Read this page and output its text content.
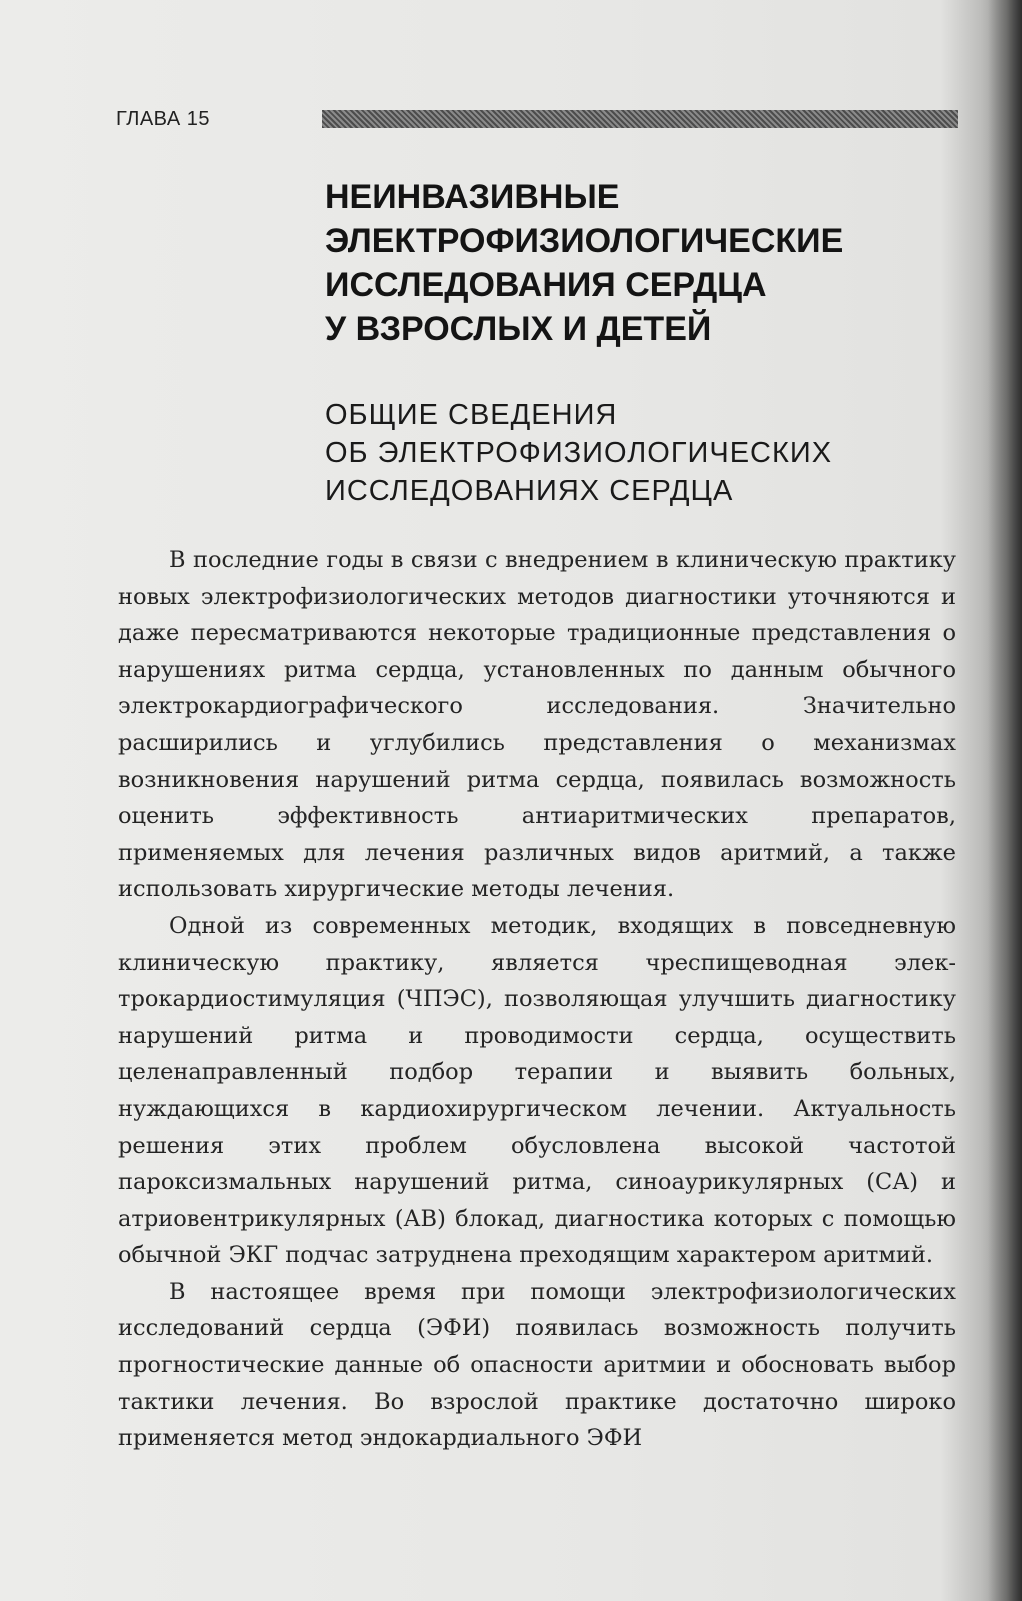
ГЛАВА 15
НЕИНВАЗИВНЫЕ
ЭЛЕКТРОФИЗИОЛОГИЧЕСКИЕ
ИССЛЕДОВАНИЯ СЕРДЦА
У ВЗРОСЛЫХ И ДЕТЕЙ
ОБЩИЕ СВЕДЕНИЯ
ОБ ЭЛЕКТРОФИЗИОЛОГИЧЕСКИХ
ИССЛЕДОВАНИЯХ СЕРДЦА

В последние годы в связи с внедрением в клиническую практику новых электрофизиологических методов диагностики уточняются и даже пересматриваются некоторые традиционные представления о нарушениях ритма сердца, установленных по данным обычного электрокардиографического исследования. Значительно расширились и углубились представления о механизмах возникновения нарушений ритма сердца, появилась возможность оценить эффективность антиаритмических препаратов, применяемых для лечения различных видов аритмий, а также использовать хирургические методы лечения.

Одной из современных методик, входящих в повседневную клиническую практику, является чреспищеводная электрокардиостимуляция (ЧПЭС), позволяющая улучшить диагностику нарушений ритма и проводимости сердца, осуществить целенаправленный подбор терапии и выявить больных, нуждающихся в кардиохирургическом лечении. Актуальность решения этих проблем обусловлена высокой частотой пароксизмальных нарушений ритма, синоаурикулярных (СА) и атриовентрикулярных (АВ) блокад, диагностика которых с помощью обычной ЭКГ подчас затруднена преходящим характером аритмий.

В настоящее время при помощи электрофизиологических исследований сердца (ЭФИ) появилась возможность получить прогностические данные об опасности аритмии и обосновать выбор тактики лечения. Во взрослой практике достаточно широко применяется метод эндокардиального ЭФИ
